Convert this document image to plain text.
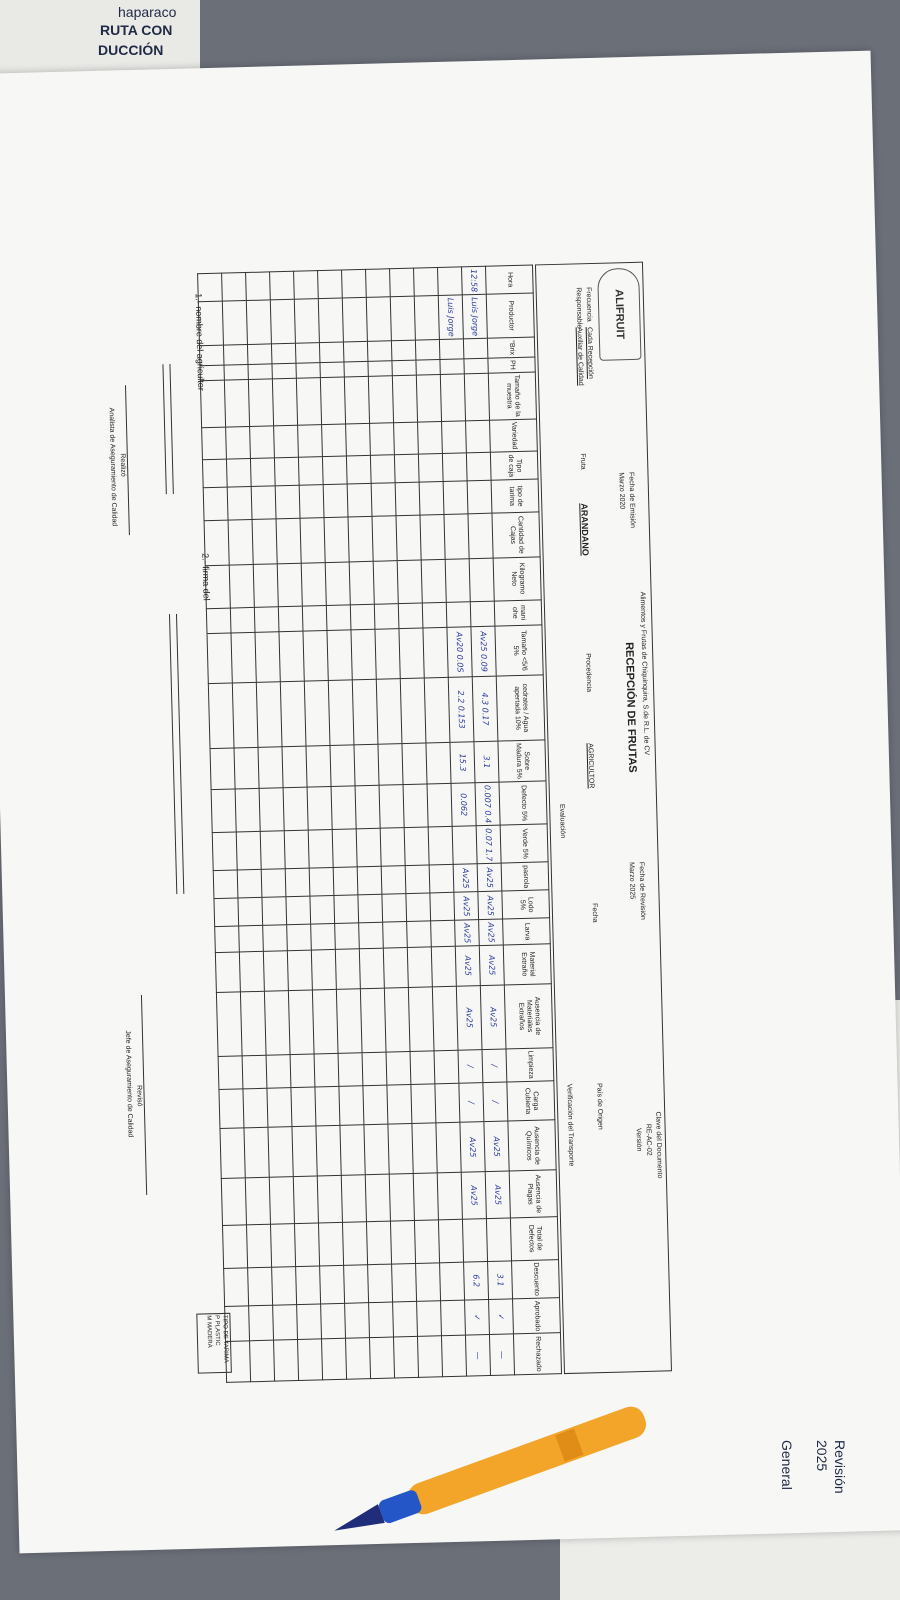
haparaco
RUTA CON
DUCCIÓN
ALIFRUIT
Alimentos y Frutas de Chiquinquira, S.de R.L. de CV
RECEPCIÓN DE FRUTAS
Fecha de Emisión
Marzo 2020
Fecha de Revisión
Marzo 2025
Clave del Documento
RE-AC-02
Versión
Frecuencia
Cada Recepción
Responsable
Auxiliar de Calidad
Fruta
ARANDANO
Procedencia
AGRICULTOR
Fecha
País de Origen
Evaluación
Verificación del Transporte
Hora	Productor	°Brix	PH	Tamaño de la muestra	Variedad	Tipo de caja	tipo de tarima	Cantidad de Cajas	Kilogramo Neto	mani ohe	Tamaño <5/6 5%	cedrates / Agua apertada 10%	Sobre Madura 5%	Defecto 5%	Verde 5%	pasrola	Lodo 5%	Larva	Material Extraño	Ausencia de Materiales Extraños	Limpieza	Carga Cubierta	Ausencia de Químicos	Ausencia de Plagas	Total de Defectos	Descuento	Aprobado	Rechazado
12:58	Luis Jorge										Av25 0.09	4.3 0.17	3.1	0.007 0.4	0.07 1.7	Av25	Av25	Av25	Av25	Av25	/	/	Av25	Av25		3.1	✓	—
	Luis Jorge										Av20 0.0S	2.2 0.153	15.3	0.062		Av25	Av25	Av25	Av25	Av25	/	/	Av25	Av25		6.2	✓	—

1.- nombre del agricultor
2.- firma del
Realizó
Analista de Aseguramiento de Calidad
Revisó
Jefe de Aseguramiento de Calidad
TIPO DE TARIMA
P PLASTIC
M MADERA
Revisión
2025
General
